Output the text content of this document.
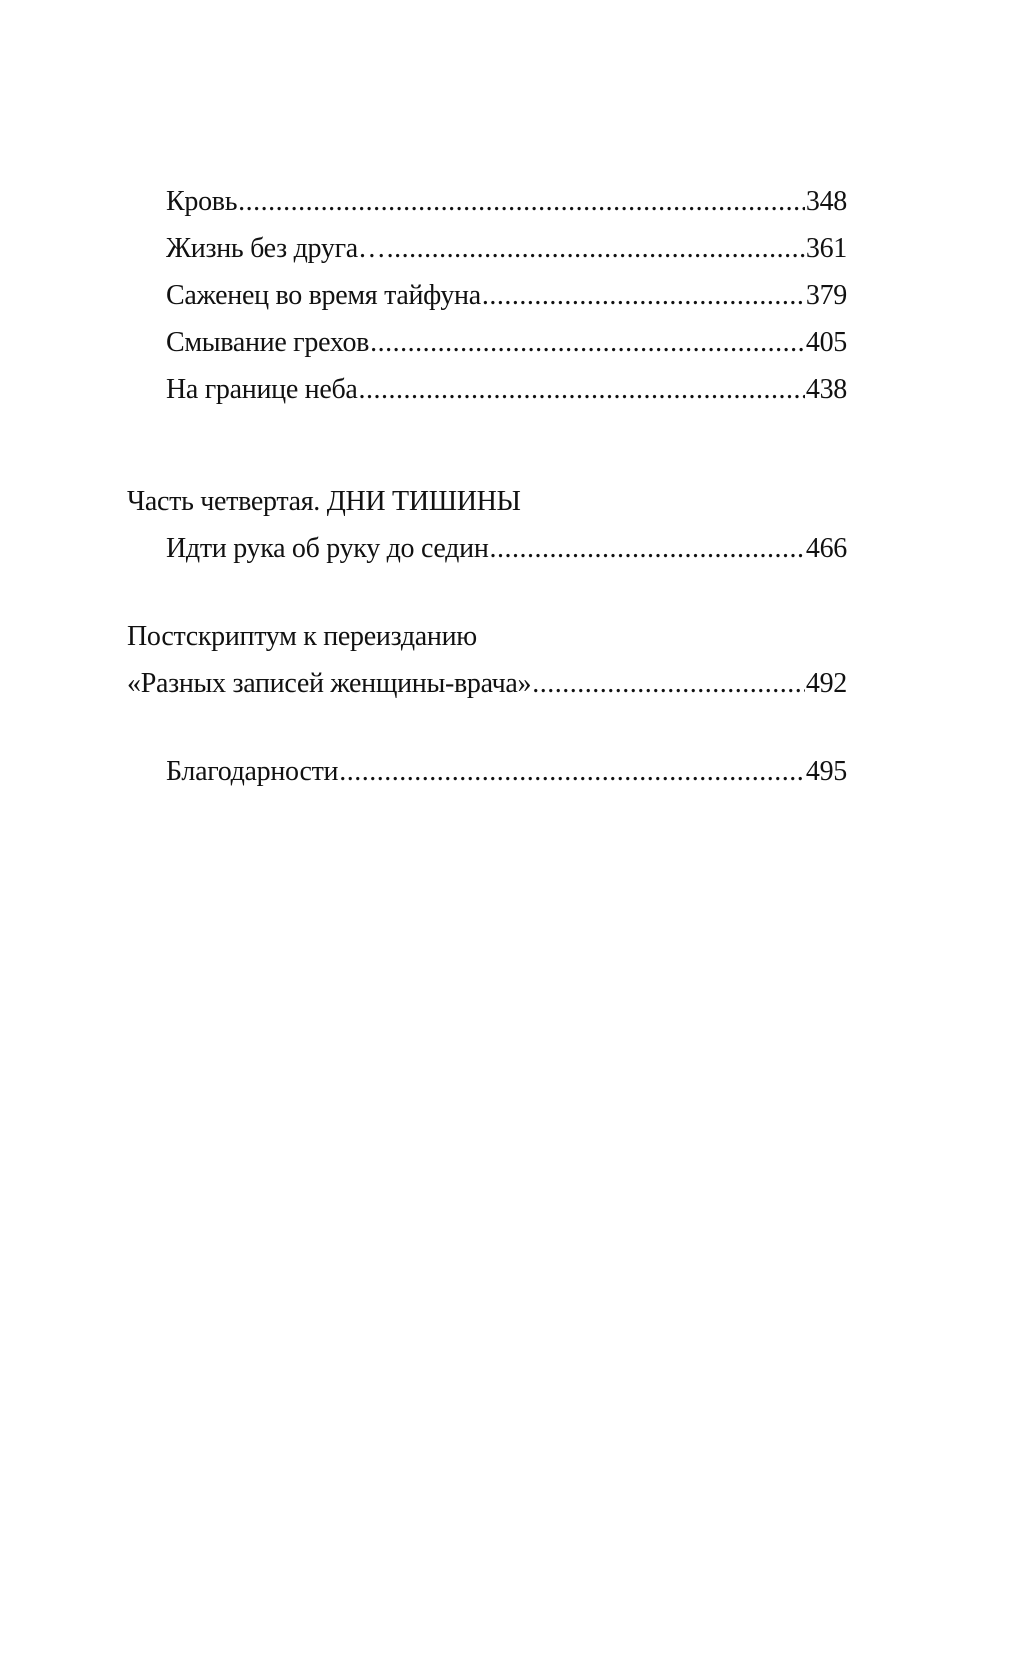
Кровь .....	348
Жизнь без друга… .....	361
Саженец во время тайфуна .....	379
Смывание грехов .....	405
На границе неба .....	438
Часть четвертая. ДНИ ТИШИНЫ
Идти рука об руку до седин .....	466
Постскриптум к переизданию
«Разных записей женщины-врача» .....	492
Благодарности .....	495
